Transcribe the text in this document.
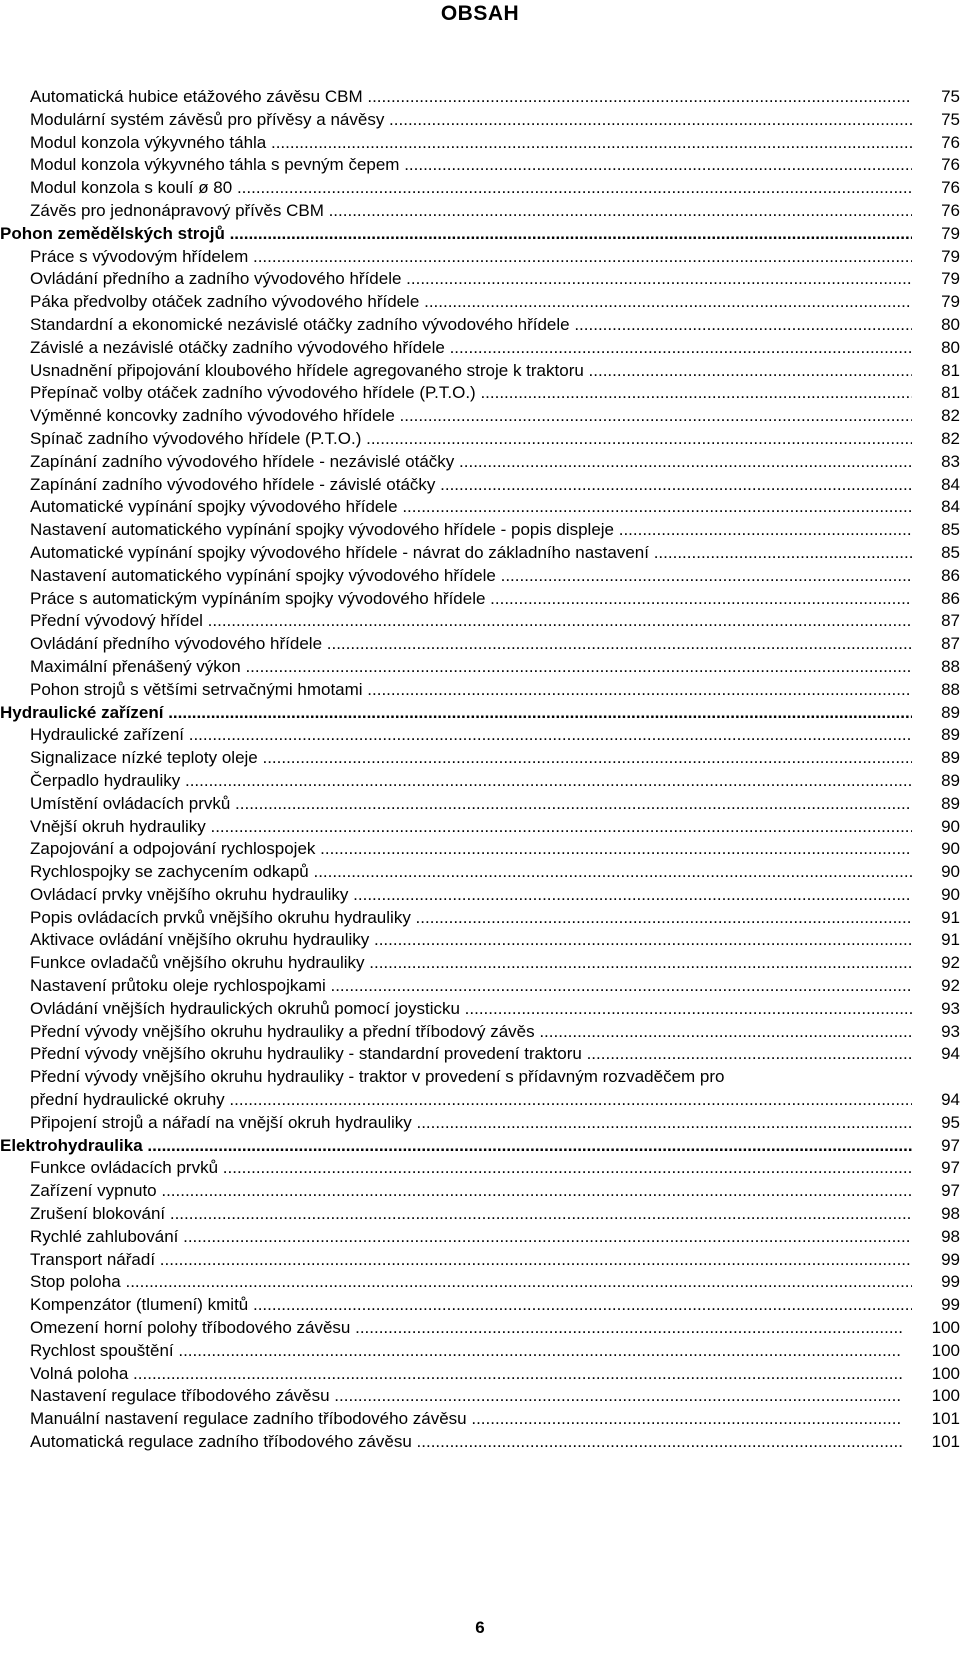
OBSAH
Automatická hubice etážového závěsu CBM .....	75
Modulární systém závěsů pro přívěsy a návěsy .....	75
Modul konzola výkyvného táhla .....	76
Modul konzola výkyvného táhla s pevným čepem .....	76
Modul konzola s koulí ø 80 .....	76
Závěs pro jednonápravový přívěs CBM .....	76
Pohon zemědělských strojů .....	79
Práce s vývodovým hřídelem .....	79
Ovládání předního a zadního vývodového hřídele .....	79
Páka předvolby otáček zadního vývodového hřídele .....	79
Standardní a ekonomické nezávislé otáčky zadního vývodového hřídele .....	80
Závislé a nezávislé otáčky zadního vývodového hřídele .....	80
Usnadnění připojování kloubového hřídele agregovaného stroje k traktoru .....	81
Přepínač volby otáček zadního vývodového hřídele (P.T.O.) .....	81
Výměnné koncovky zadního vývodového hřídele .....	82
Spínač zadního vývodového hřídele (P.T.O.) .....	82
Zapínání zadního vývodového hřídele - nezávislé otáčky .....	83
Zapínání zadního vývodového hřídele - závislé otáčky .....	84
Automatické vypínání spojky vývodového hřídele .....	84
Nastavení automatického vypínání spojky vývodového hřídele - popis displeje .....	85
Automatické vypínání spojky vývodového hřídele - návrat do základního nastavení .....	85
Nastavení automatického vypínání spojky vývodového hřídele .....	86
Práce s automatickým vypínáním spojky vývodového hřídele .....	86
Přední vývodový hřídel .....	87
Ovládání předního vývodového hřídele .....	87
Maximální přenášený výkon .....	88
Pohon strojů s většími setrvačnými hmotami .....	88
Hydraulické zařízení .....	89
Hydraulické zařízení .....	89
Signalizace nízké teploty oleje .....	89
Čerpadlo hydrauliky .....	89
Umístění ovládacích prvků .....	89
Vnější okruh hydrauliky .....	90
Zapojování a odpojování rychlospojek .....	90
Rychlospojky se zachycením odkapů .....	90
Ovládací prvky vnějšího okruhu hydrauliky .....	90
Popis ovládacích prvků vnějšího okruhu hydrauliky .....	91
Aktivace ovládání vnějšího okruhu hydrauliky .....	91
Funkce ovladačů vnějšího okruhu hydrauliky .....	92
Nastavení průtoku oleje rychlospojkami .....	92
Ovládání vnějších hydraulických okruhů pomocí joysticku .....	93
Přední vývody vnějšího okruhu hydrauliky a přední tříbodový závěs .....	93
Přední vývody vnějšího okruhu hydrauliky - standardní provedení traktoru .....	94
Přední vývody vnějšího okruhu hydrauliky - traktor v provedení s přídavným rozvaděčem pro
přední hydraulické okruhy .....	94
Připojení strojů a nářadí na vnější okruh hydrauliky .....	95
Elektrohydraulika .....	97
Funkce ovládacích prvků .....	97
Zařízení vypnuto .....	97
Zrušení blokování .....	98
Rychlé zahlubování .....	98
Transport nářadí .....	99
Stop poloha .....	99
Kompenzátor (tlumení) kmitů .....	99
Omezení horní polohy tříbodového závěsu .....	100
Rychlost spouštění .....	100
Volná poloha .....	100
Nastavení regulace tříbodového závěsu .....	100
Manuální nastavení regulace zadního tříbodového závěsu .....	101
Automatická regulace zadního tříbodového závěsu .....	101
6
